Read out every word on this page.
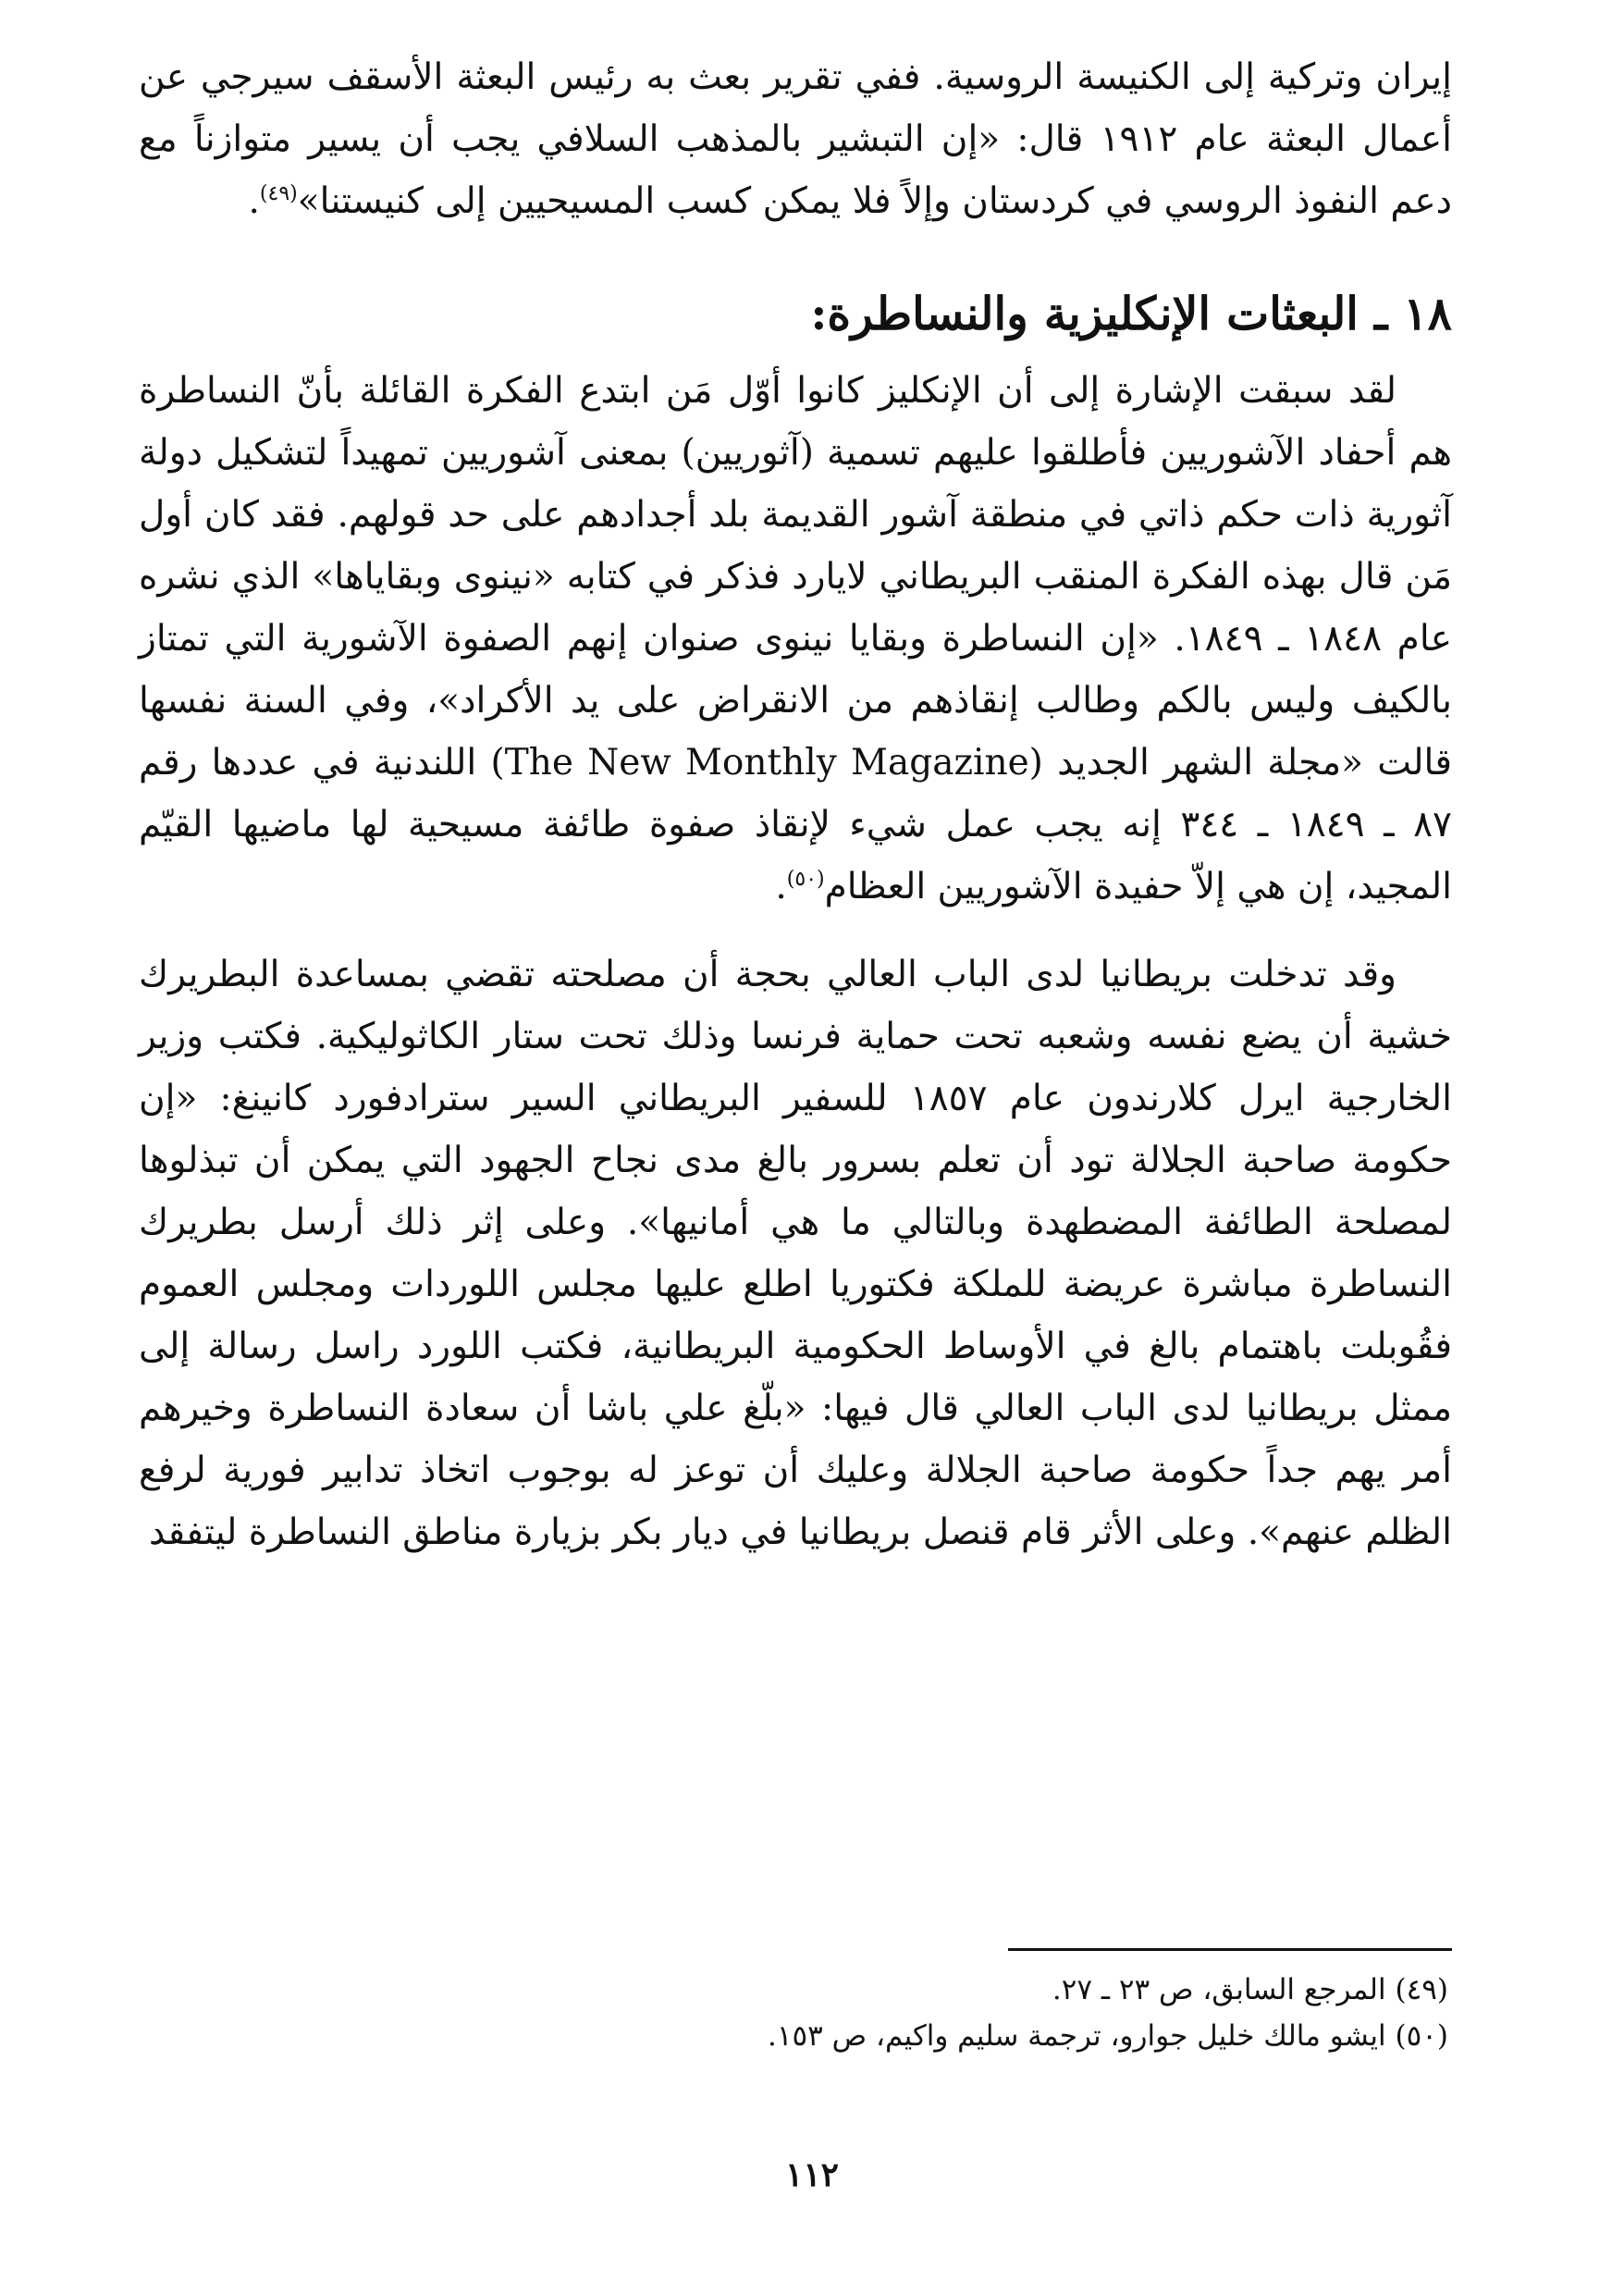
إيران وتركية إلى الكنيسة الروسية. ففي تقرير بعث به رئيس البعثة الأسقف سيرجي عن أعمال البعثة عام ١٩١٢ قال: «إن التبشير بالمذهب السلافي يجب أن يسير متوازناً مع دعم النفوذ الروسي في كردستان وإلاً فلا يمكن كسب المسيحيين إلى كنيستنا»$^{(٤٩)}$.

١٨ ـ البعثات الإنكليزية والنساطرة:

لقد سبقت الإشارة إلى أن الإنكليز كانوا أوّل مَن ابتدع الفكرة القائلة بأنّ النساطرة هم أحفاد الآشوريين فأطلقوا عليهم تسمية (آثوريين) بمعنى آشوريين تمهيداً لتشكيل دولة آثورية ذات حكم ذاتي في منطقة آشور القديمة بلد أجدادهم على حد قولهم. فقد كان أول مَن قال بهذه الفكرة المنقب البريطاني لايارد فذكر في كتابه «نينوى وبقاياها» الذي نشره عام ١٨٤٨ ـ ١٨٤٩. «إن النساطرة وبقايا نينوى صنوان إنهم الصفوة الآشورية التي تمتاز بالكيف وليس بالكم وطالب إنقاذهم من الانقراض على يد الأكراد»، وفي السنة نفسها قالت «مجلة الشهر الجديد (The New Monthly Magazine) اللندنية في عددها رقم ٨٧ ـ ١٨٤٩ ـ ٣٤٤ إنه يجب عمل شيء لإنقاذ صفوة طائفة مسيحية لها ماضيها القيّم المجيد، إن هي إلاّ حفيدة الآشوريين العظام$^{(٥٠)}$.

وقد تدخلت بريطانيا لدى الباب العالي بحجة أن مصلحته تقضي بمساعدة البطريرك خشية أن يضع نفسه وشعبه تحت حماية فرنسا وذلك تحت ستار الكاثوليكية. فكتب وزير الخارجية ايرل كلارندون عام ١٨٥٧ للسفير البريطاني السير سترادفورد كانينغ: «إن حكومة صاحبة الجلالة تود أن تعلم بسرور بالغ مدى نجاح الجهود التي يمكن أن تبذلوها لمصلحة الطائفة المضطهدة وبالتالي ما هي أمانيها». وعلى إثر ذلك أرسل بطريرك النساطرة مباشرة عريضة للملكة فكتوريا اطلع عليها مجلس اللوردات ومجلس العموم فقُوبلت باهتمام بالغ في الأوساط الحكومية البريطانية، فكتب اللورد راسل رسالة إلى ممثل بريطانيا لدى الباب العالي قال فيها: «بلّغ علي باشا أن سعادة النساطرة وخيرهم أمر يهم جداً حكومة صاحبة الجلالة وعليك أن توعز له بوجوب اتخاذ تدابير فورية لرفع الظلم عنهم». وعلى الأثر قام قنصل بريطانيا في ديار بكر بزيارة مناطق النساطرة ليتفقد

(٤٩) المرجع السابق، ص ٢٣ ـ ٢٧.

(٥٠) ايشو مالك خليل جوارو، ترجمة سليم واكيم، ص ١٥٣.

١١٢
